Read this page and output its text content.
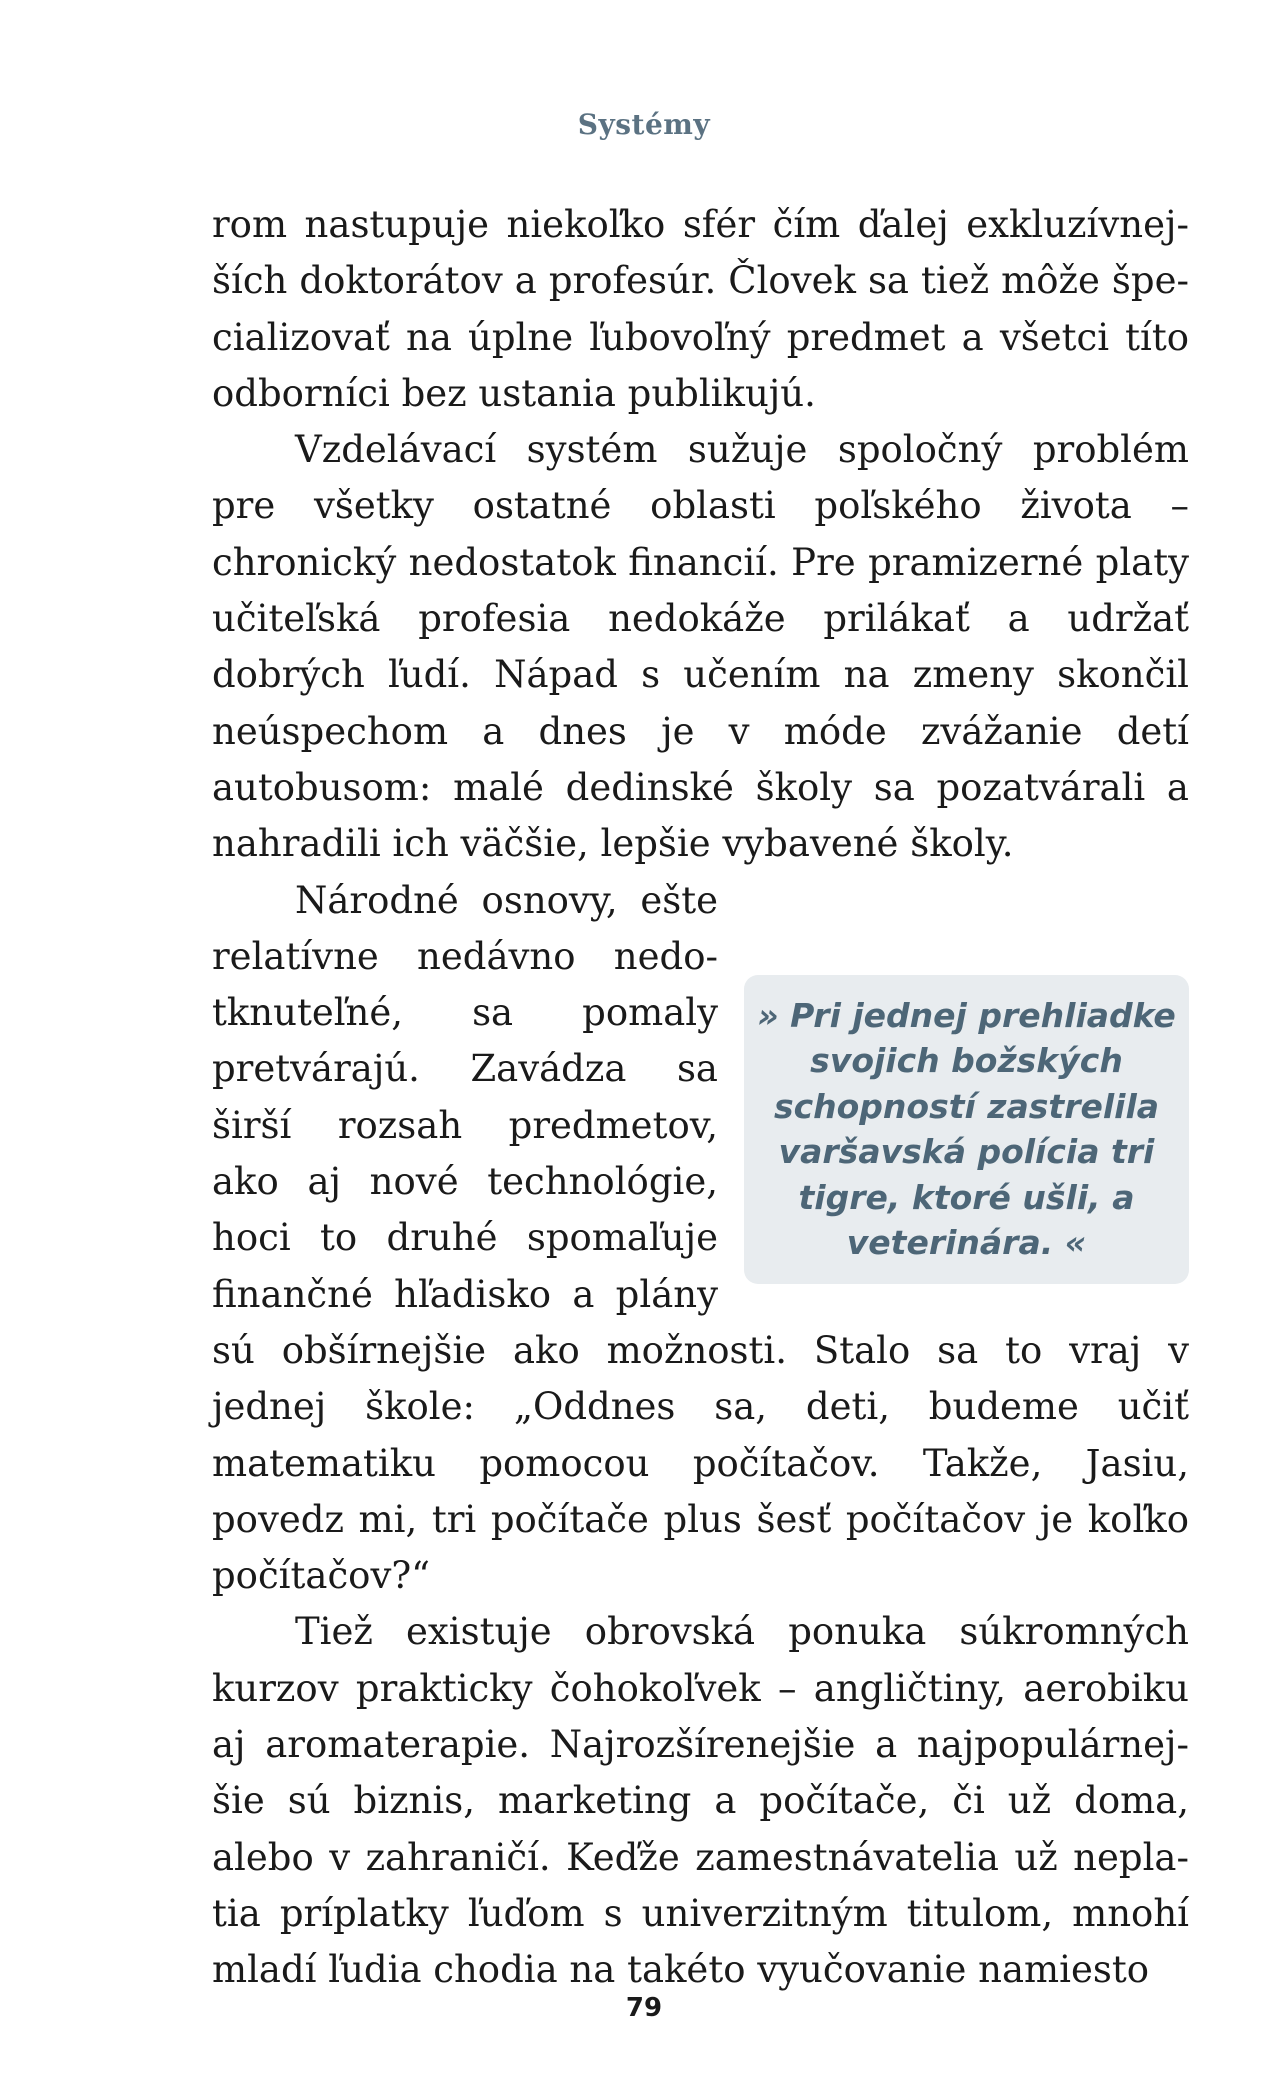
Systémy

rom nastupuje niekoľko sfér čím ďalej exkluzívnejších doktorátov a profesúr. Človek sa tiež môže špecializovať na úplne ľubovoľný predmet a všetci títo odborníci bez ustania publikujú.

Vzdelávací systém sužuje spoločný problém pre všetky ostatné oblasti poľského života – chronický nedostatok financií. Pre pramizerné platy učiteľská profesia nedokáže prilákať a udržať dobrých ľudí. Nápad s učením na zmeny skončil neúspechom a dnes je v móde zvážanie detí autobusom: malé dedinské školy sa pozatvárali a nahradili ich väčšie, lepšie vybavené školy.

» Pri jednej prehliadke svojich božských schopností zastrelila varšavská polícia tri tigre, ktoré ušli, a veterinára. «

Národné osnovy, ešte relatívne nedávno nedotknuteľné, sa pomaly pretvárajú. Zavádza sa širší rozsah predmetov, ako aj nové technológie, hoci to druhé spomaľuje finančné hľadisko a plány sú obšírnejšie ako možnosti. Stalo sa to vraj v jednej škole: „Oddnes sa, deti, budeme učiť matematiku pomocou počítačov. Takže, Jasiu, povedz mi, tri počítače plus šesť počítačov je koľko počítačov?“

Tiež existuje obrovská ponuka súkromných kurzov prakticky čohokoľvek – angličtiny, aerobiku aj aromaterapie. Najrozšírenejšie a najpopulárnejšie sú biznis, marketing a počítače, či už doma, alebo v zahraničí. Keďže zamestnávatelia už neplatia príplatky ľuďom s univerzitným titulom, mnohí mladí ľudia chodia na takéto vyučovanie namiesto

79
